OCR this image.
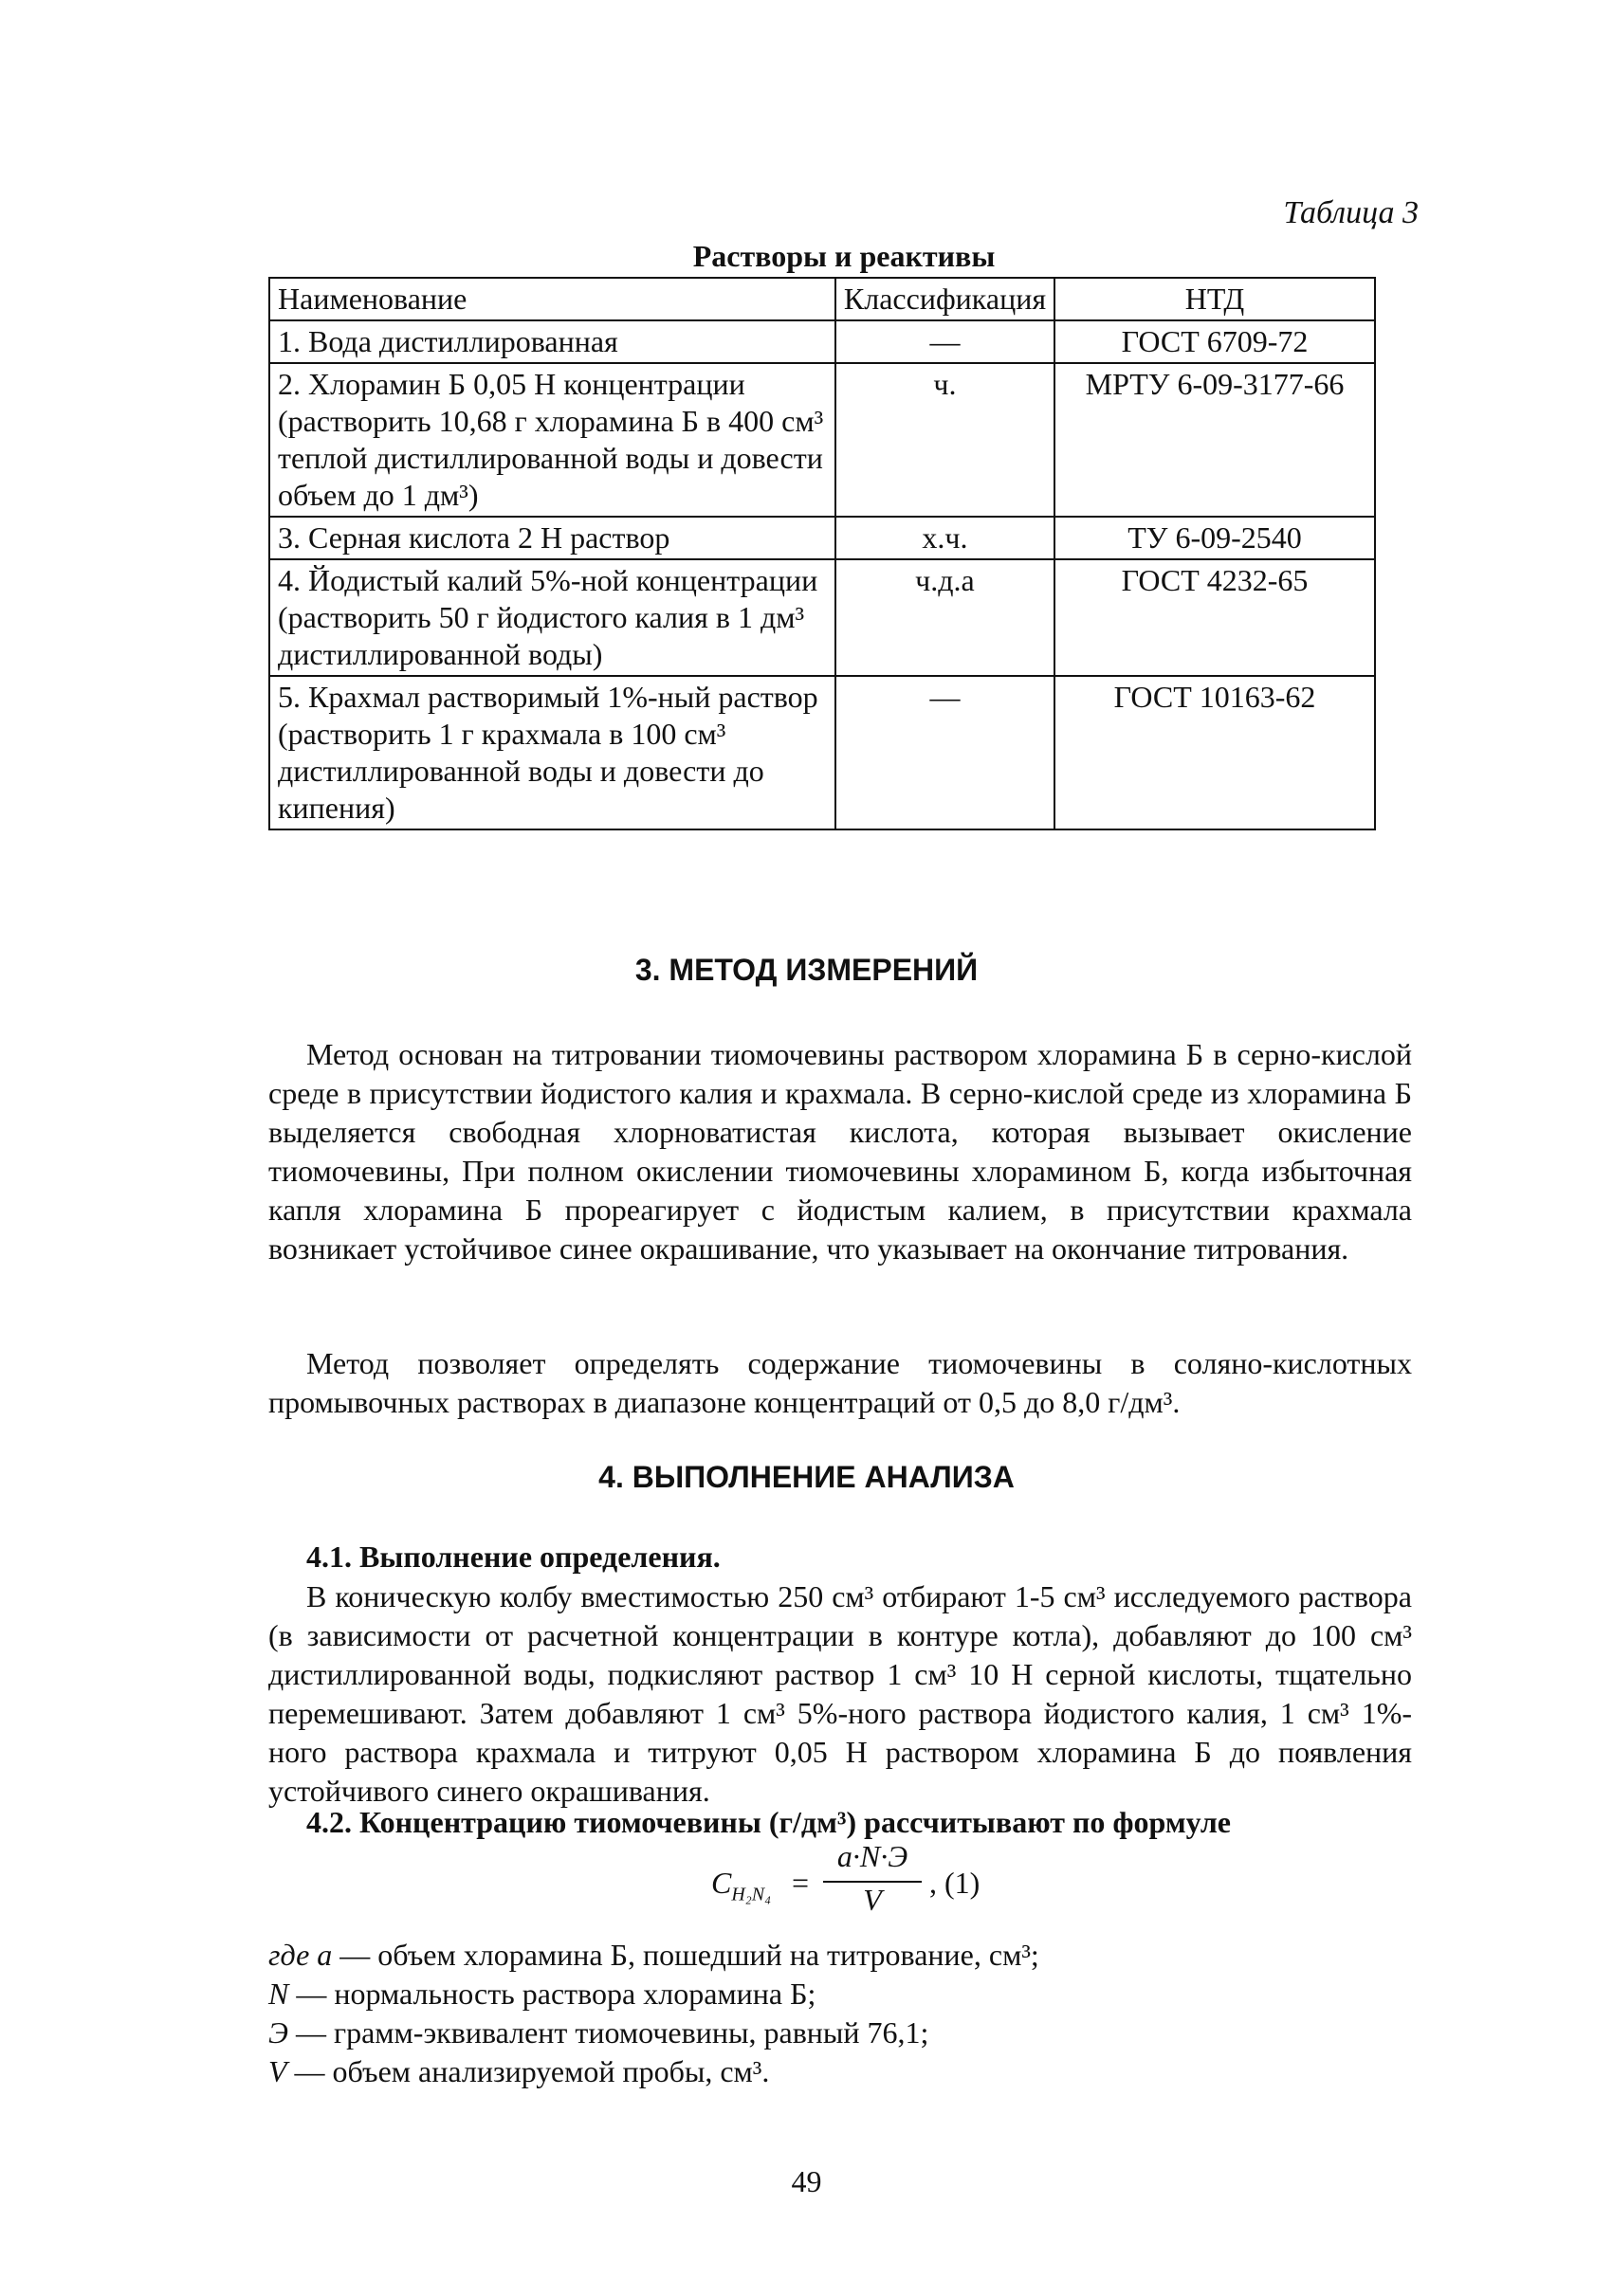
Таблица 3
Растворы и реактивы
Наименование	Классификация	НТД
1. Вода дистиллированная	—	ГОСТ 6709-72
2. Хлорамин Б 0,05 Н концентрации (растворить 10,68 г хлорамина Б в 400 см³ теплой дистиллированной воды и довести объем до 1 дм³)	ч.	МРТУ 6-09-3177-66
3. Серная кислота 2 Н раствор	х.ч.	ТУ 6-09-2540
4. Йодистый калий 5%-ной концентрации (растворить 50 г йодистого калия в 1 дм³ дистиллированной воды)	ч.д.а	ГОСТ 4232-65
5. Крахмал растворимый 1%-ный раствор (растворить 1 г крахмала в 100 см³ дистиллированной воды и довести до кипения)	—	ГОСТ 10163-62
3. МЕТОД ИЗМЕРЕНИЙ

Метод основан на титровании тиомочевины раствором хлорамина Б в серно-кислой среде в присутствии йодистого калия и крахмала. В серно-кислой среде из хлорамина Б выделяется свободная хлорноватистая кислота, которая вызывает окисление тиомочевины, При полном окислении тиомочевины хлорамином Б, когда избыточная капля хлорамина Б прореагирует с йодистым калием, в присутствии крахмала возникает устойчивое синее окрашивание, что указывает на окончание титрования.

Метод позволяет определять содержание тиомочевины в соляно-кислотных промывочных растворах в диапазоне концентраций от 0,5 до 8,0 г/дм³.

4. ВЫПОЛНЕНИЕ АНАЛИЗА

4.1. Выполнение определения.

В коническую колбу вместимостью 250 см³ отбирают 1-5 см³ исследуемого раствора (в зависимости от расчетной концентрации в контуре котла), добавляют до 100 см³ дистиллированной воды, подкисляют раствор 1 см³ 10 Н серной кислоты, тщательно перемешивают. Затем добавляют 1 см³ 5%-ного раствора йодистого калия, 1 см³ 1%-ного раствора крахмала и титруют 0,05 Н раствором хлорамина Б до появления устойчивого синего окрашивания.

4.2. Концентрацию тиомочевины (г/дм³) рассчитывают по формуле

$C_{H_2N_4}$ =
a·N·Э
V	, (1)

где a — объем хлорамина Б, пошедший на титрование, см³;

N — нормальность раствора хлорамина Б;

Э — грамм-эквивалент тиомочевины, равный 76,1;

V — объем анализируемой пробы, см³.

49
